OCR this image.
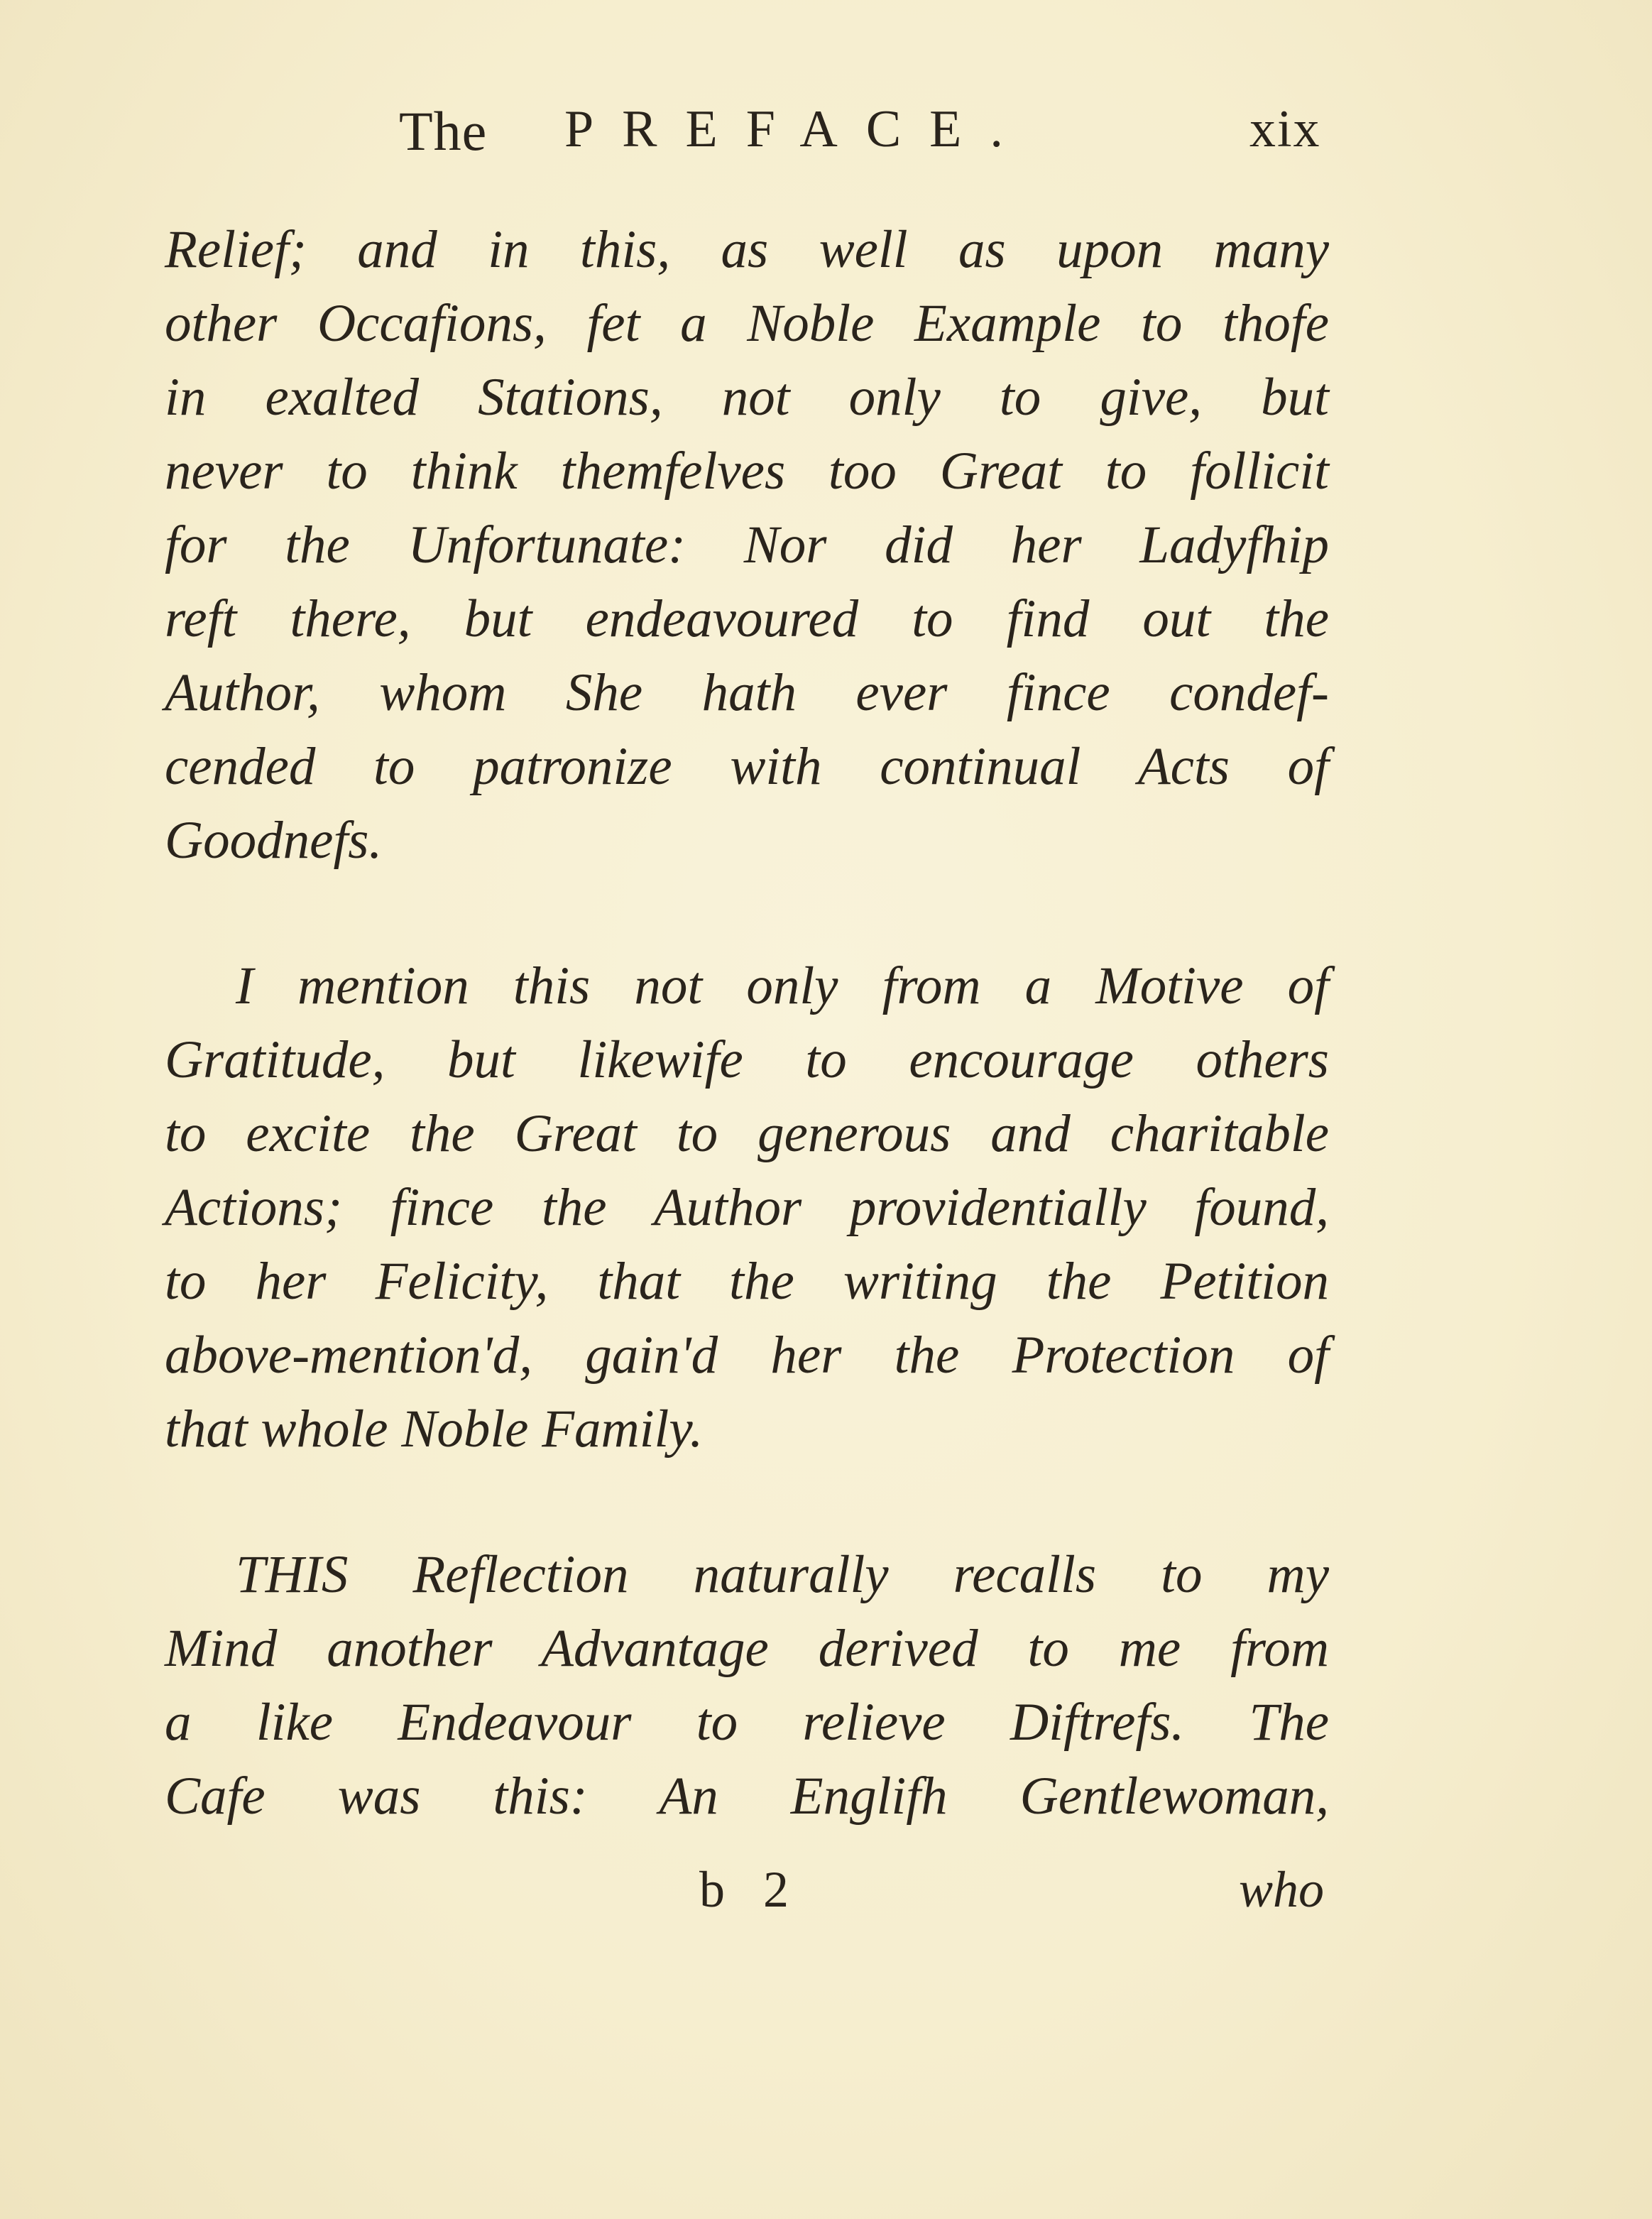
The PREFACE.	xix
Relief; and in this, as well as upon many
other Occafions, fet a Noble Example to thofe
in exalted Stations, not only to give, but
never to think themfelves too Great to follicit
for the Unfortunate: Nor did her Ladyfhip
reft there, but endeavoured to find out the
Author, whom She hath ever fince condef-
cended to patronize with continual Acts of
Goodnefs.
I mention this not only from a Motive of
Gratitude, but likewife to encourage others
to excite the Great to generous and charitable
Actions; fince the Author providentially found,
to her Felicity, that the writing the Petition
above-mention'd, gain'd her the Protection of
that whole Noble Family.
THIS Reflection naturally recalls to my
Mind another Advantage derived to me from
a like Endeavour to relieve Diftrefs. The
Cafe was this: An Englifh Gentlewoman,
b 2	who
